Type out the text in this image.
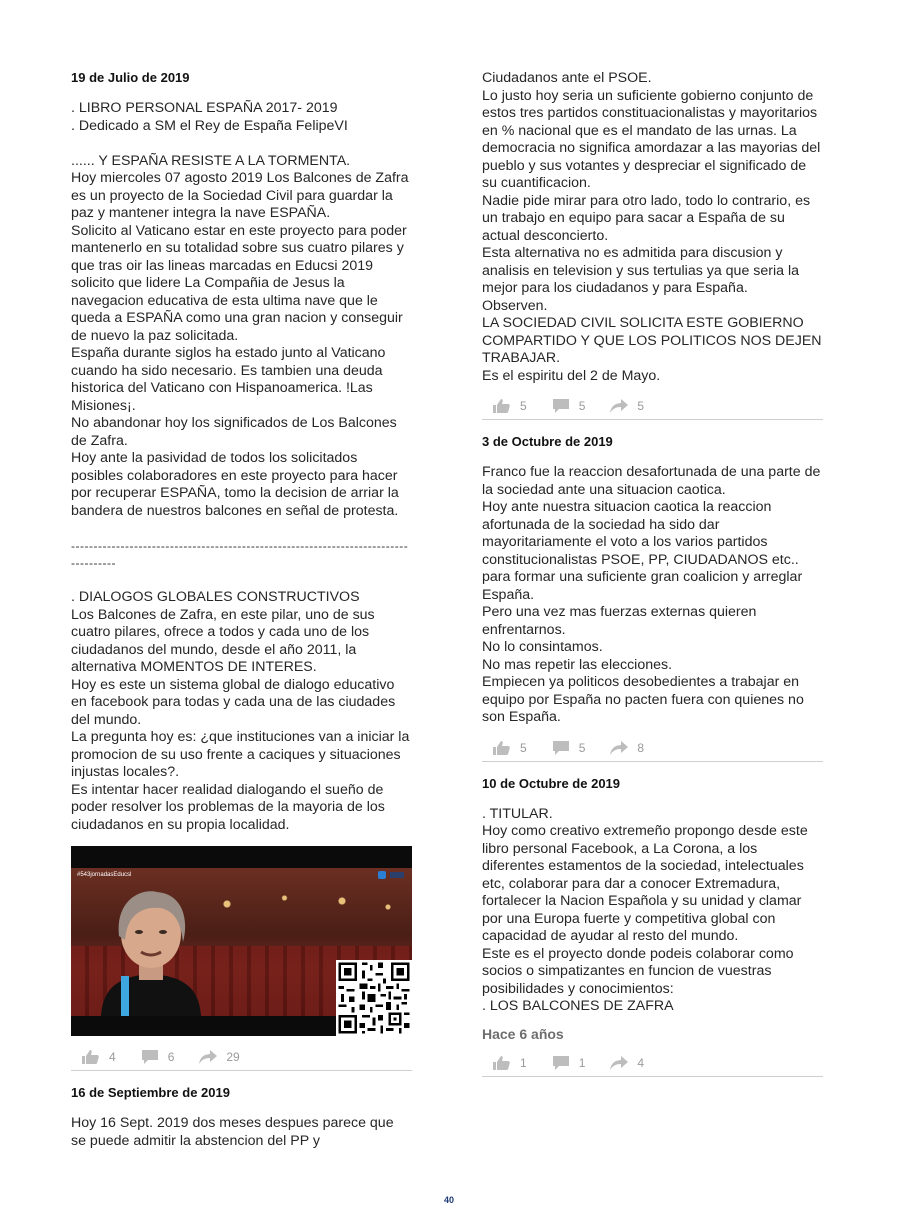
19 de Julio de 2019

. LIBRO PERSONAL ESPAÑA 2017- 2019

. Dedicado a SM el Rey de España FelipeVI

...... Y ESPAÑA RESISTE A LA TORMENTA.

Hoy miercoles 07 agosto 2019 Los Balcones de Zafra es un proyecto de la Sociedad Civil para guardar la paz y mantener integra la nave ESPAÑA.

Solicito al Vaticano estar en este proyecto para poder mantenerlo en su totalidad sobre sus cuatro pilares y que tras oir las lineas marcadas en Educsi 2019 solicito que lidere La Compañia de Jesus la navegacion educativa de esta ultima nave que le queda a ESPAÑA como una gran nacion y conseguir de nuevo la paz solicitada.

España durante siglos ha estado junto al Vaticano cuando ha sido necesario. Es tambien una deuda historica del Vaticano con Hispanoamerica. !Las Misiones¡.

No abandonar hoy los significados de Los Balcones de Zafra.

Hoy ante la pasividad de todos los solicitados posibles colaboradores en este proyecto para hacer por recuperar ESPAÑA, tomo la decision de arriar la bandera de nuestros balcones en señal de protesta.

-------------------------------------------------------------------------------------

. DIALOGOS GLOBALES CONSTRUCTIVOS

Los Balcones de Zafra, en este pilar, uno de sus cuatro pilares, ofrece a todos y cada uno de los ciudadanos del mundo, desde el año 2011, la alternativa MOMENTOS DE INTERES.

Hoy es este un sistema global de dialogo educativo en facebook para todas y cada una de las ciudades del mundo.

La pregunta hoy es: ¿que instituciones van a iniciar la promocion de su uso frente a caciques y situaciones injustas locales?.

Es intentar hacer realidad dialogando el sueño de poder resolver los problemas de la mayoria de los ciudadanos en su propia localidad.

#543jornadasEducsl
4	6	29
16 de Septiembre de 2019

Hoy 16 Sept. 2019 dos meses despues parece que se puede admitir la abstencion del PP y

Ciudadanos ante el PSOE.

Lo justo hoy seria un suficiente gobierno conjunto de estos tres partidos constituacionalistas y mayoritarios en % nacional que es el mandato de las urnas. La democracia no significa amordazar a las mayorias del pueblo y sus votantes y despreciar el significado de su cuantificacion.

Nadie pide mirar para otro lado, todo lo contrario, es un trabajo en equipo para sacar a España de su actual desconcierto.

Esta alternativa no es admitida para discusion y analisis en television y sus tertulias ya que seria la mejor para los ciudadanos y para España.

Observen.

LA SOCIEDAD CIVIL SOLICITA ESTE GOBIERNO COMPARTIDO Y QUE LOS POLITICOS NOS DEJEN TRABAJAR.

Es el espiritu del 2 de Mayo.

5	5	5
3 de Octubre de 2019

Franco fue la reaccion desafortunada de una parte de la sociedad ante una situacion caotica.

Hoy ante nuestra situacion caotica la reaccion afortunada de la sociedad ha sido dar mayoritariamente el voto a los varios partidos constitucionalistas PSOE, PP, CIUDADANOS etc.. para formar una suficiente gran coalicion y arreglar España.

Pero una vez mas fuerzas externas quieren enfrentarnos.

No lo consintamos.

No mas repetir las elecciones.

Empiecen ya politicos desobedientes a trabajar en equipo por España no pacten fuera con quienes no son España.

5	5	8
10 de Octubre de 2019

. TITULAR.

Hoy como creativo extremeño propongo desde este libro personal Facebook, a La Corona, a los diferentes estamentos de la sociedad, intelectuales etc, colaborar para dar a conocer Extremadura, fortalecer la Nacion Española y su unidad y clamar por una Europa fuerte y competitiva global con capacidad de ayudar al resto del mundo.

Este es el proyecto donde podeis colaborar como socios o simpatizantes en funcion de vuestras posibilidades y conocimientos:

. LOS BALCONES DE ZAFRA

Hace 6 años
1	1	4
40
